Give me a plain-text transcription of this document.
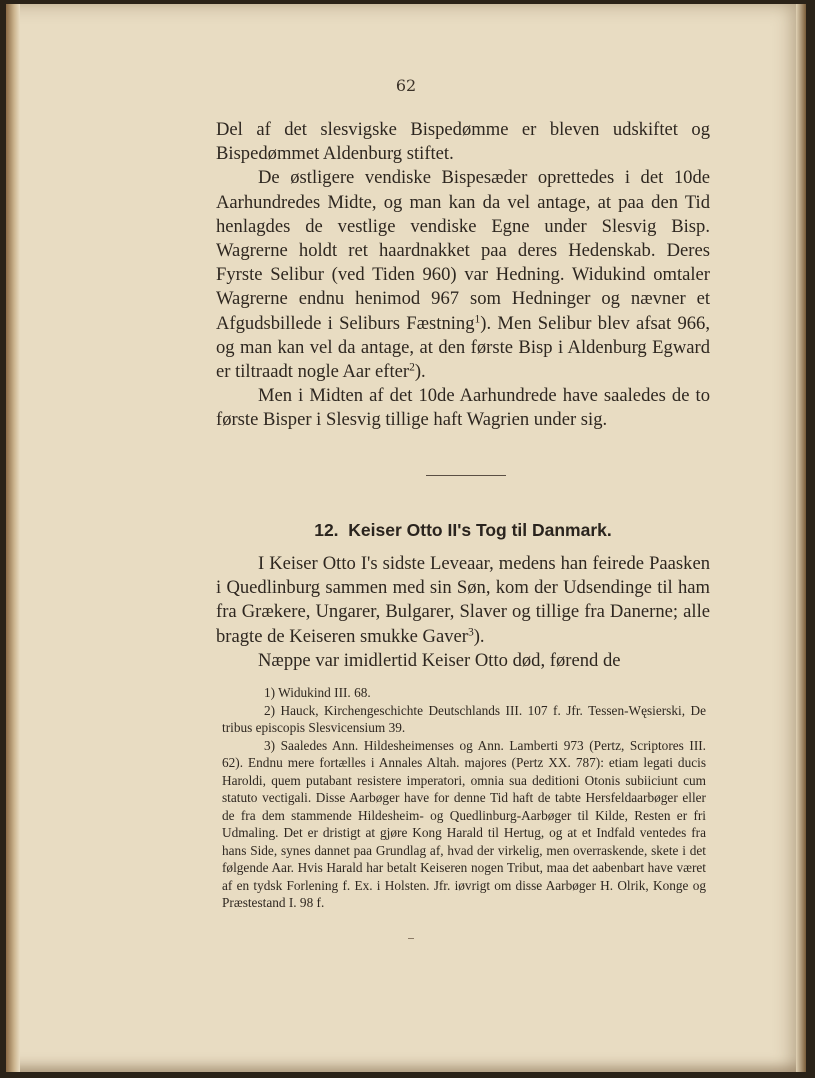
62

Del af det slesvigske Bispedømme er bleven udskiftet og Bispedømmet Aldenburg stiftet.

De østligere vendiske Bispesæder oprettedes i det 10de Aarhundredes Midte, og man kan da vel antage, at paa den Tid henlagdes de vestlige vendiske Egne under Slesvig Bisp. Wagrerne holdt ret haardnakket paa deres Hedenskab. Deres Fyrste Selibur (ved Tiden 960) var Hedning. Widukind omtaler Wagrerne endnu henimod 967 som Hedninger og nævner et Afgudsbillede i Seliburs Fæstning$^1$). Men Selibur blev afsat 966, og man kan vel da antage, at den første Bisp i Aldenburg Egward er tiltraadt nogle Aar efter$^2$).

Men i Midten af det 10de Aarhundrede have saaledes de to første Bisper i Slesvig tillige haft Wagrien under sig.

12. Keiser Otto II's Tog til Danmark.

I Keiser Otto I's sidste Leveaar, medens han feirede Paasken i Quedlinburg sammen med sin Søn, kom der Udsendinge til ham fra Grækere, Ungarer, Bulgarer, Slaver og tillige fra Danerne; alle bragte de Keiseren smukke Gaver$^3$).

Næppe var imidlertid Keiser Otto død, førend de

1) Widukind III. 68.

2) Hauck, Kirchengeschichte Deutschlands III. 107 f. Jfr. Tessen-Węsierski, De tribus episcopis Slesvicensium 39.

3) Saaledes Ann. Hildesheimenses og Ann. Lamberti 973 (Pertz, Scriptores III. 62). Endnu mere fortælles i Annales Altah. majores (Pertz XX. 787): etiam legati ducis Haroldi, quem putabant resistere imperatori, omnia sua deditioni Otonis subiiciunt cum statuto vectigali. Disse Aarbøger have for denne Tid haft de tabte Hersfeldaarbøger eller de fra dem stammende Hildesheim- og Quedlinburg-Aarbøger til Kilde, Resten er fri Udmaling. Det er dristigt at gjøre Kong Harald til Hertug, og at et Indfald ventedes fra hans Side, synes dannet paa Grundlag af, hvad der virkelig, men overraskende, skete i det følgende Aar. Hvis Harald har betalt Keiseren nogen Tribut, maa det aabenbart have været af en tydsk Forlening f. Ex. i Holsten. Jfr. iøvrigt om disse Aarbøger H. Olrik, Konge og Præstestand I. 98 f.
